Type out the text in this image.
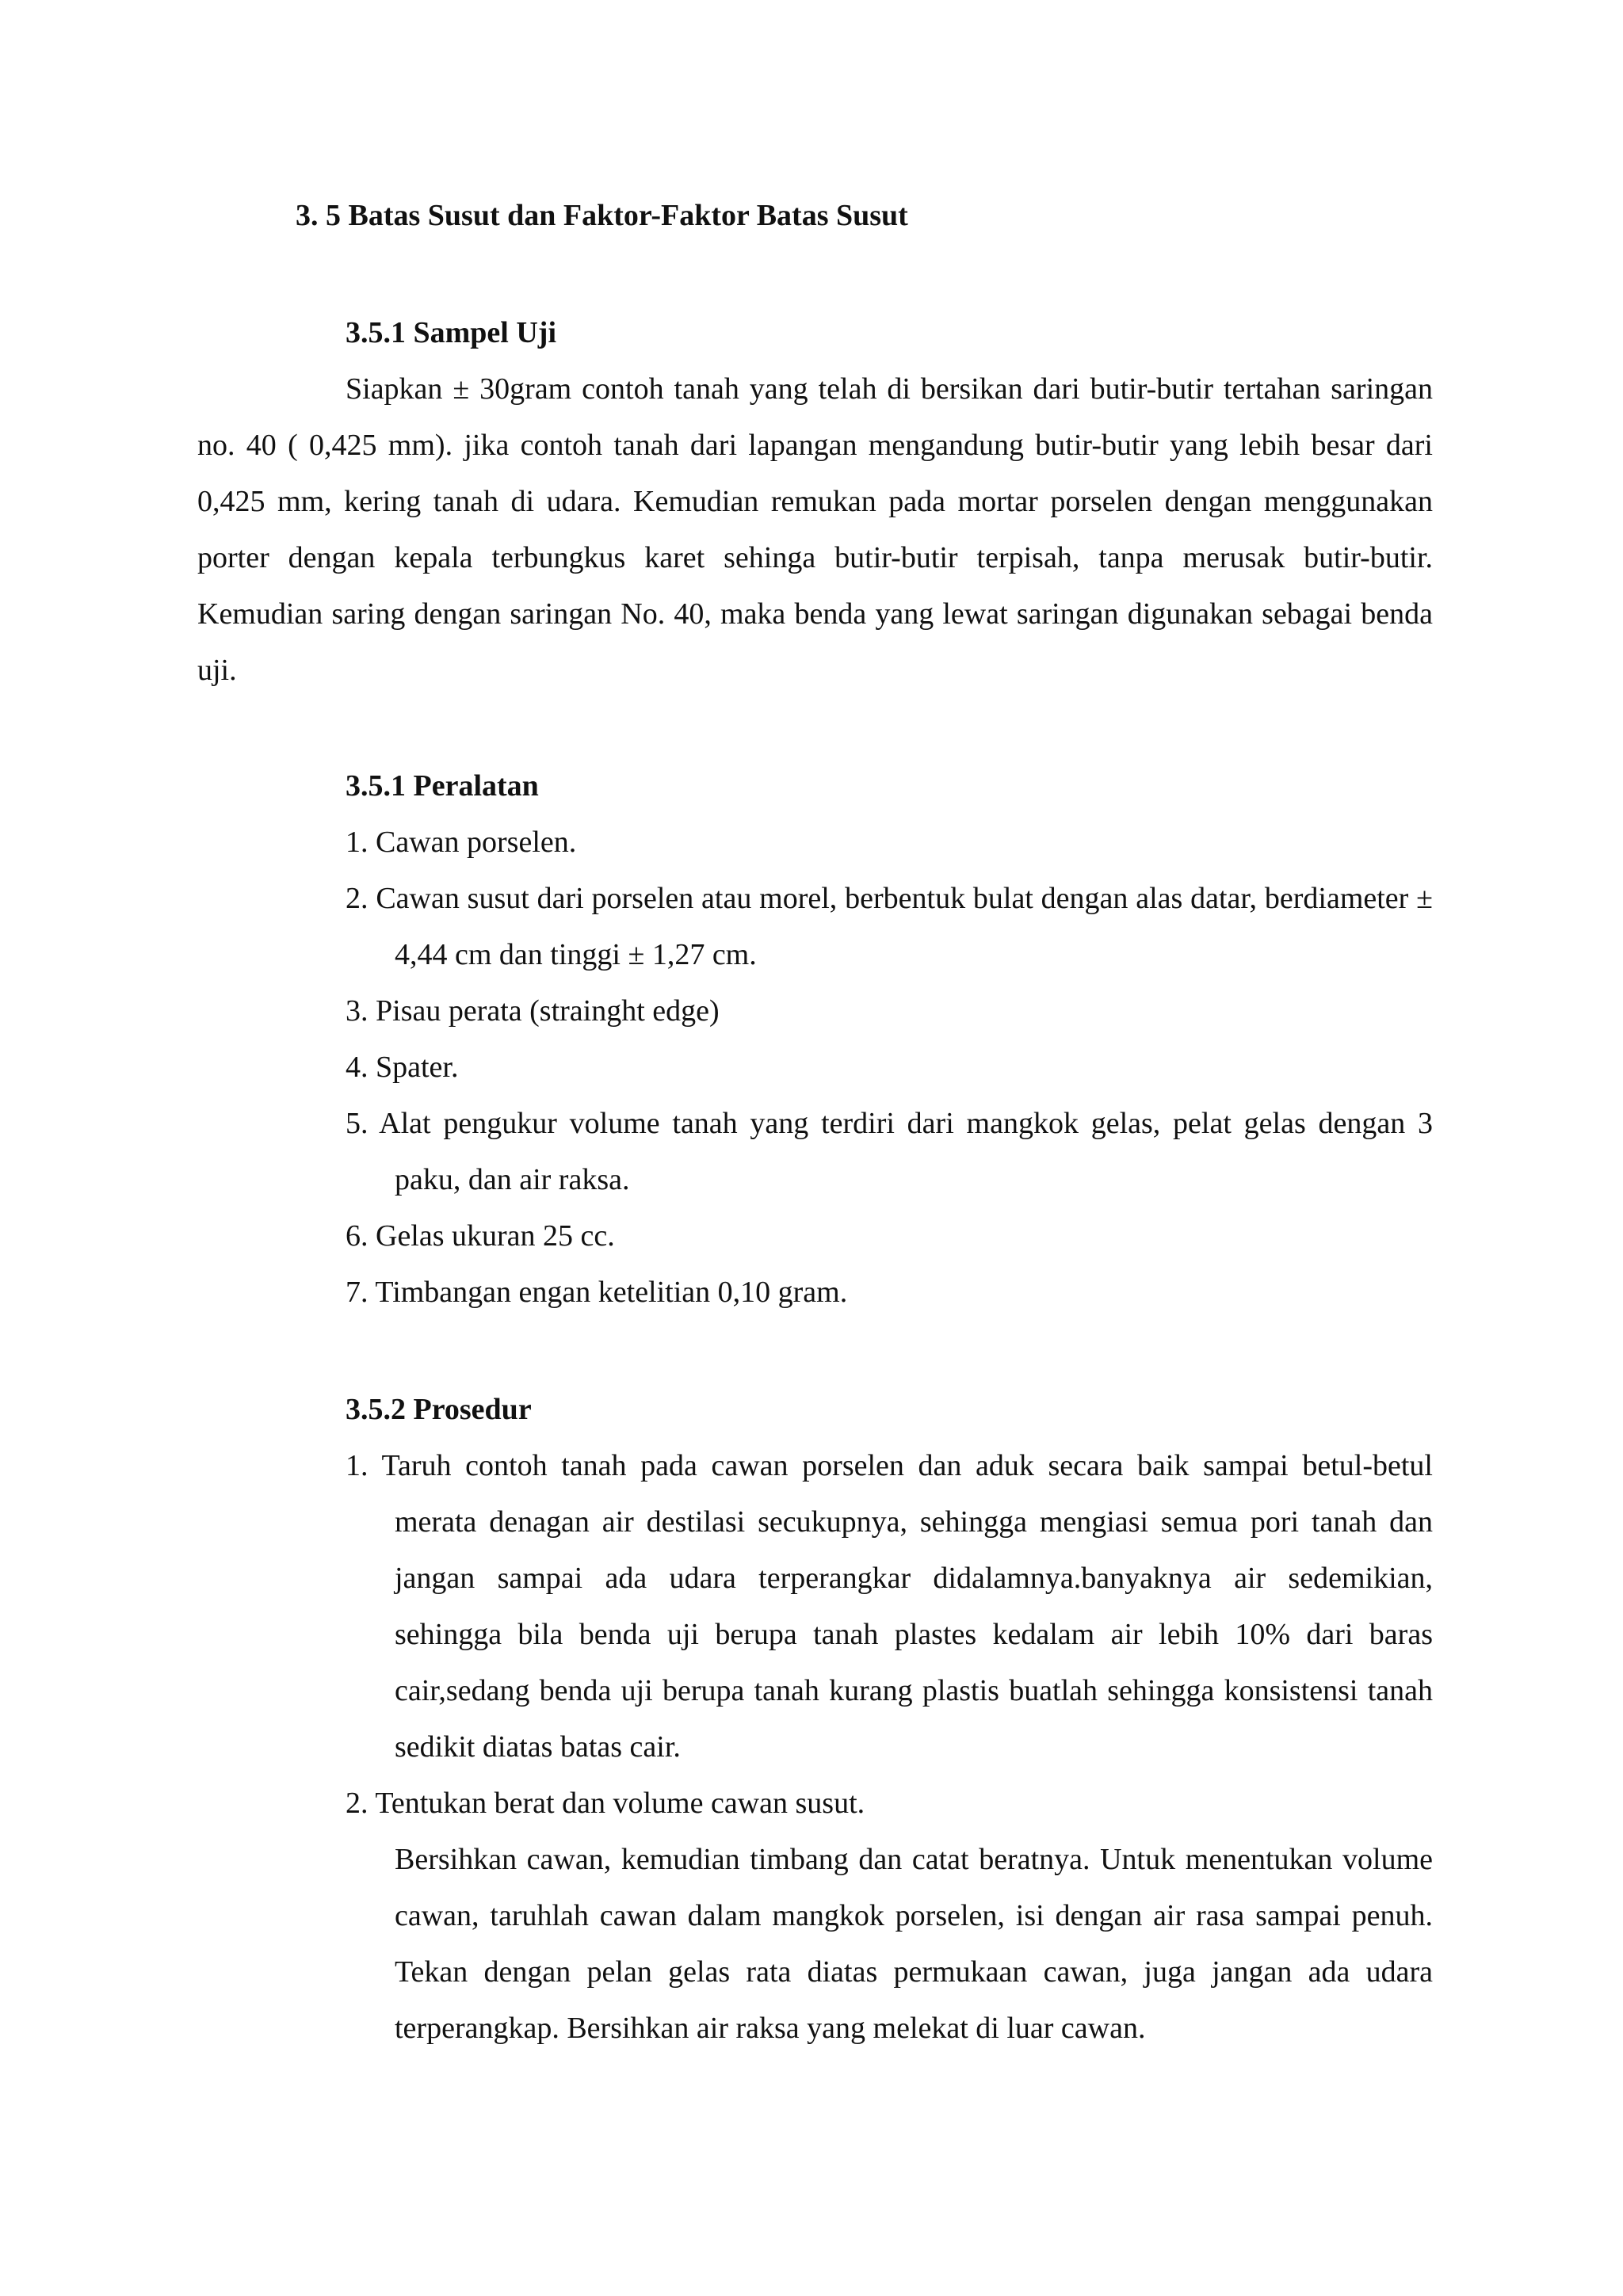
3. 5 Batas Susut dan Faktor-Faktor Batas Susut
3.5.1 Sampel Uji

Siapkan ± 30gram contoh tanah yang telah di bersikan dari butir-butir tertahan saringan no. 40 ( 0,425 mm). jika contoh tanah dari lapangan mengandung butir-butir yang lebih besar dari 0,425 mm, kering tanah di udara. Kemudian remukan pada mortar porselen dengan menggunakan porter dengan kepala terbungkus karet sehinga butir-butir terpisah, tanpa merusak butir-butir. Kemudian saring dengan saringan No. 40, maka benda yang lewat saringan digunakan sebagai benda uji.

3.5.1 Peralatan
1. Cawan porselen.
2. Cawan susut dari porselen atau morel, berbentuk bulat dengan alas datar, berdiameter ± 4,44 cm dan tinggi ± 1,27 cm.
3. Pisau perata (strainght edge)
4. Spater.
5. Alat pengukur volume tanah yang terdiri dari mangkok gelas, pelat gelas dengan 3 paku, dan air raksa.
6. Gelas ukuran 25 cc.
7. Timbangan engan ketelitian 0,10 gram.
3.5.2 Prosedur
1. Taruh contoh tanah pada cawan porselen dan aduk secara baik sampai betul-betul merata denagan air destilasi secukupnya, sehingga mengiasi semua pori tanah dan jangan sampai ada udara terperangkar didalamnya.banyaknya air sedemikian, sehingga bila benda uji berupa tanah plastes kedalam air lebih 10% dari baras cair,sedang benda uji berupa tanah kurang plastis buatlah sehingga konsistensi tanah sedikit diatas batas cair.
2. Tentukan berat dan volume cawan susut.

Bersihkan cawan, kemudian timbang dan catat beratnya. Untuk menentukan volume cawan, taruhlah cawan dalam mangkok porselen, isi dengan air rasa sampai penuh. Tekan dengan pelan gelas rata diatas permukaan cawan, juga jangan ada udara terperangkap. Bersihkan air raksa yang melekat di luar cawan.
